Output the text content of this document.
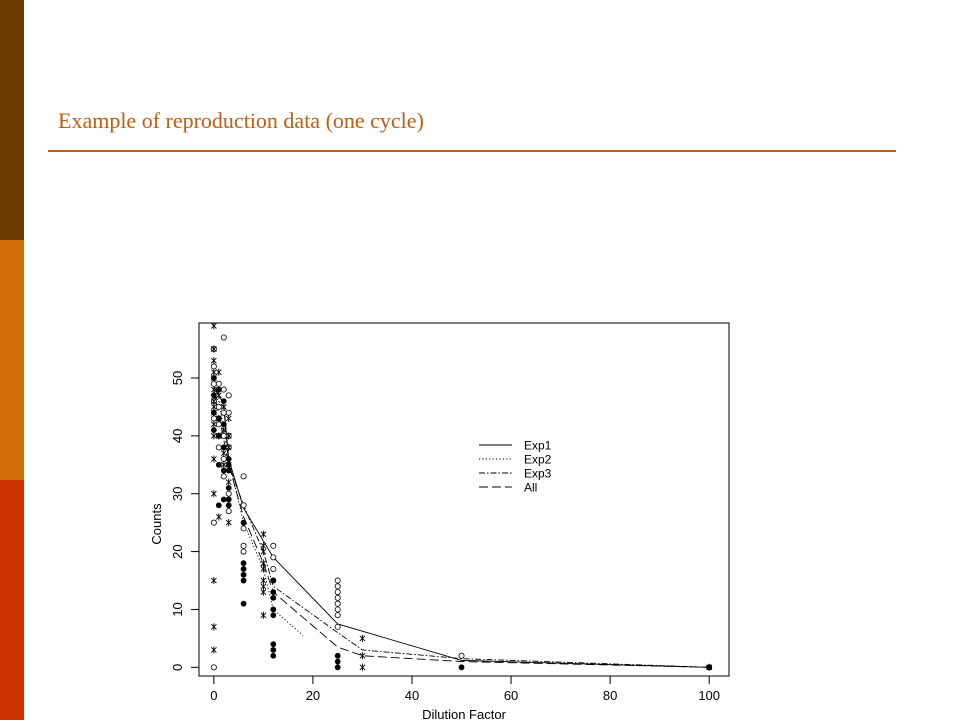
Example of reproduction data (one cycle)
0	20	40	60	80	100
0
10
20
30
40
50
Dilution Factor
Counts
Exp1
Exp2
Exp3
All
